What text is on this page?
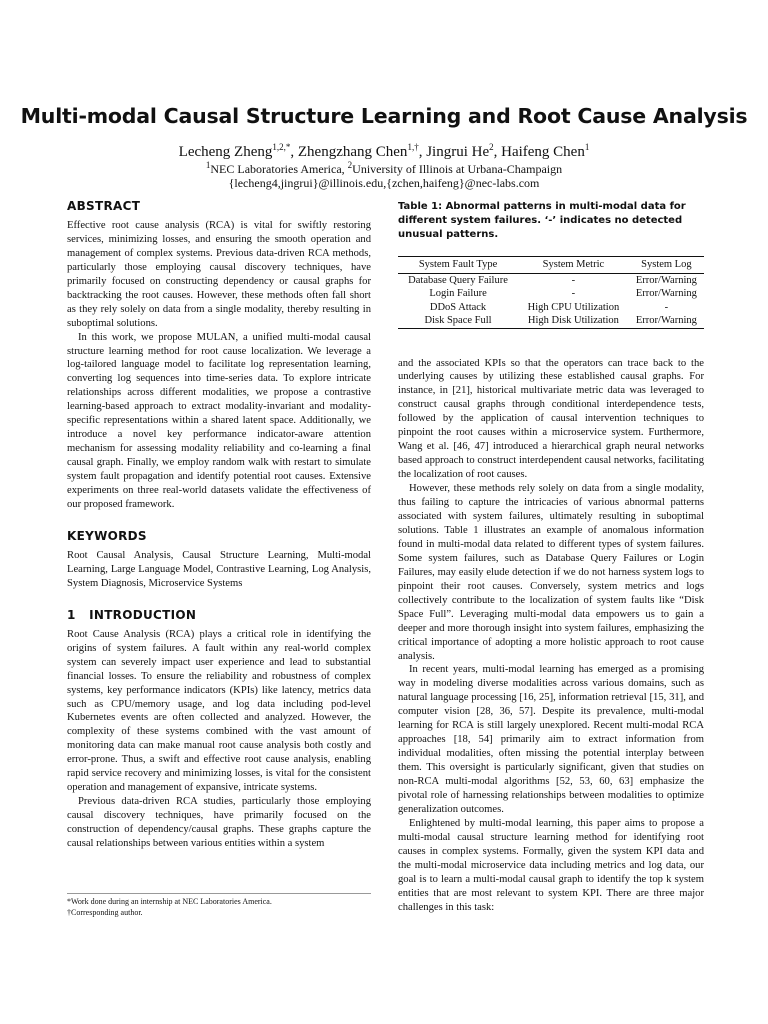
Multi-modal Causal Structure Learning and Root Cause Analysis
Lecheng Zheng$^{1,2,*}$, Zhengzhang Chen$^{1,\dagger}$, Jingrui He$^2$, Haifeng Chen$^1$
$^1$NEC Laboratories America, $^2$University of Illinois at Urbana-Champaign
{lecheng4,jingrui}@illinois.edu,{zchen,haifeng}@nec-labs.com
ABSTRACT

Effective root cause analysis (RCA) is vital for swiftly restoring services, minimizing losses, and ensuring the smooth operation and management of complex systems. Previous data-driven RCA methods, particularly those employing causal discovery techniques, have primarily focused on constructing dependency or causal graphs for backtracking the root causes. However, these methods often fall short as they rely solely on data from a single modality, thereby resulting in suboptimal solutions.

In this work, we propose MULAN, a unified multi-modal causal structure learning method for root cause localization. We leverage a log-tailored language model to facilitate log representation learning, converting log sequences into time-series data. To explore intricate relationships across different modalities, we propose a contrastive learning-based approach to extract modality-invariant and modality-specific representations within a shared latent space. Additionally, we introduce a novel key performance indicator-aware attention mechanism for assessing modality reliability and co-learning a final causal graph. Finally, we employ random walk with restart to simulate system fault propagation and identify potential root causes. Extensive experiments on three real-world datasets validate the effectiveness of our proposed framework.

KEYWORDS

Root Causal Analysis, Causal Structure Learning, Multi-modal Learning, Large Language Model, Contrastive Learning, Log Analysis, System Diagnosis, Microservice Systems

1   INTRODUCTION

Root Cause Analysis (RCA) plays a critical role in identifying the origins of system failures. A fault within any real-world complex system can severely impact user experience and lead to substantial financial losses. To ensure the reliability and robustness of complex systems, key performance indicators (KPIs) like latency, metrics data such as CPU/memory usage, and log data including pod-level Kubernetes events are often collected and analyzed. However, the complexity of these systems combined with the vast amount of monitoring data can make manual root cause analysis both costly and error-prone. Thus, a swift and effective root cause analysis, enabling rapid service recovery and minimizing losses, is vital for the consistent operation and management of expansive, intricate systems.

Previous data-driven RCA studies, particularly those employing causal discovery techniques, have primarily focused on the construction of dependency/causal graphs. These graphs capture the causal relationships between various entities within a system

*Work done during an internship at NEC Laboratories America.
†Corresponding author.
Table 1: Abnormal patterns in multi-modal data for different system failures. ‘-’ indicates no detected unusual patterns.
System Fault Type	System Metric	System Log
Database Query Failure	-	Error/Warning
Login Failure	-	Error/Warning
DDoS Attack	High CPU Utilization	-
Disk Space Full	High Disk Utilization	Error/Warning

and the associated KPIs so that the operators can trace back to the underlying causes by utilizing these established causal graphs. For instance, in [21], historical multivariate metric data was leveraged to construct causal graphs through conditional interdependence tests, followed by the application of causal intervention techniques to pinpoint the root causes within a microservice system. Furthermore, Wang et al. [46, 47] introduced a hierarchical graph neural networks based approach to construct interdependent causal networks, facilitating the localization of root causes.

However, these methods rely solely on data from a single modality, thus failing to capture the intricacies of various abnormal patterns associated with system failures, ultimately resulting in suboptimal solutions. Table 1 illustrates an example of anomalous information found in multi-modal data related to different types of system failures. Some system failures, such as Database Query Failures or Login Failures, may easily elude detection if we do not harness system logs to pinpoint their root causes. Conversely, system metrics and logs collectively contribute to the localization of system faults like “Disk Space Full”. Leveraging multi-modal data empowers us to gain a deeper and more thorough insight into system failures, emphasizing the critical importance of adopting a more holistic approach to root cause analysis.

In recent years, multi-modal learning has emerged as a promising way in modeling diverse modalities across various domains, such as natural language processing [16, 25], information retrieval [15, 31], and computer vision [28, 36, 57]. Despite its prevalence, multi-modal learning for RCA is still largely unexplored. Recent multi-modal RCA approaches [18, 54] primarily aim to extract information from individual modalities, often missing the potential interplay between them. This oversight is particularly significant, given that studies on non-RCA multi-modal algorithms [52, 53, 60, 63] emphasize the pivotal role of harnessing relationships between modalities to optimize generalization outcomes.

Enlightened by multi-modal learning, this paper aims to propose a multi-modal causal structure learning method for identifying root causes in complex systems. Formally, given the system KPI data and the multi-modal microservice data including metrics and log data, our goal is to learn a multi-modal causal graph to identify the top k system entities that are most relevant to system KPI. There are three major challenges in this task:
